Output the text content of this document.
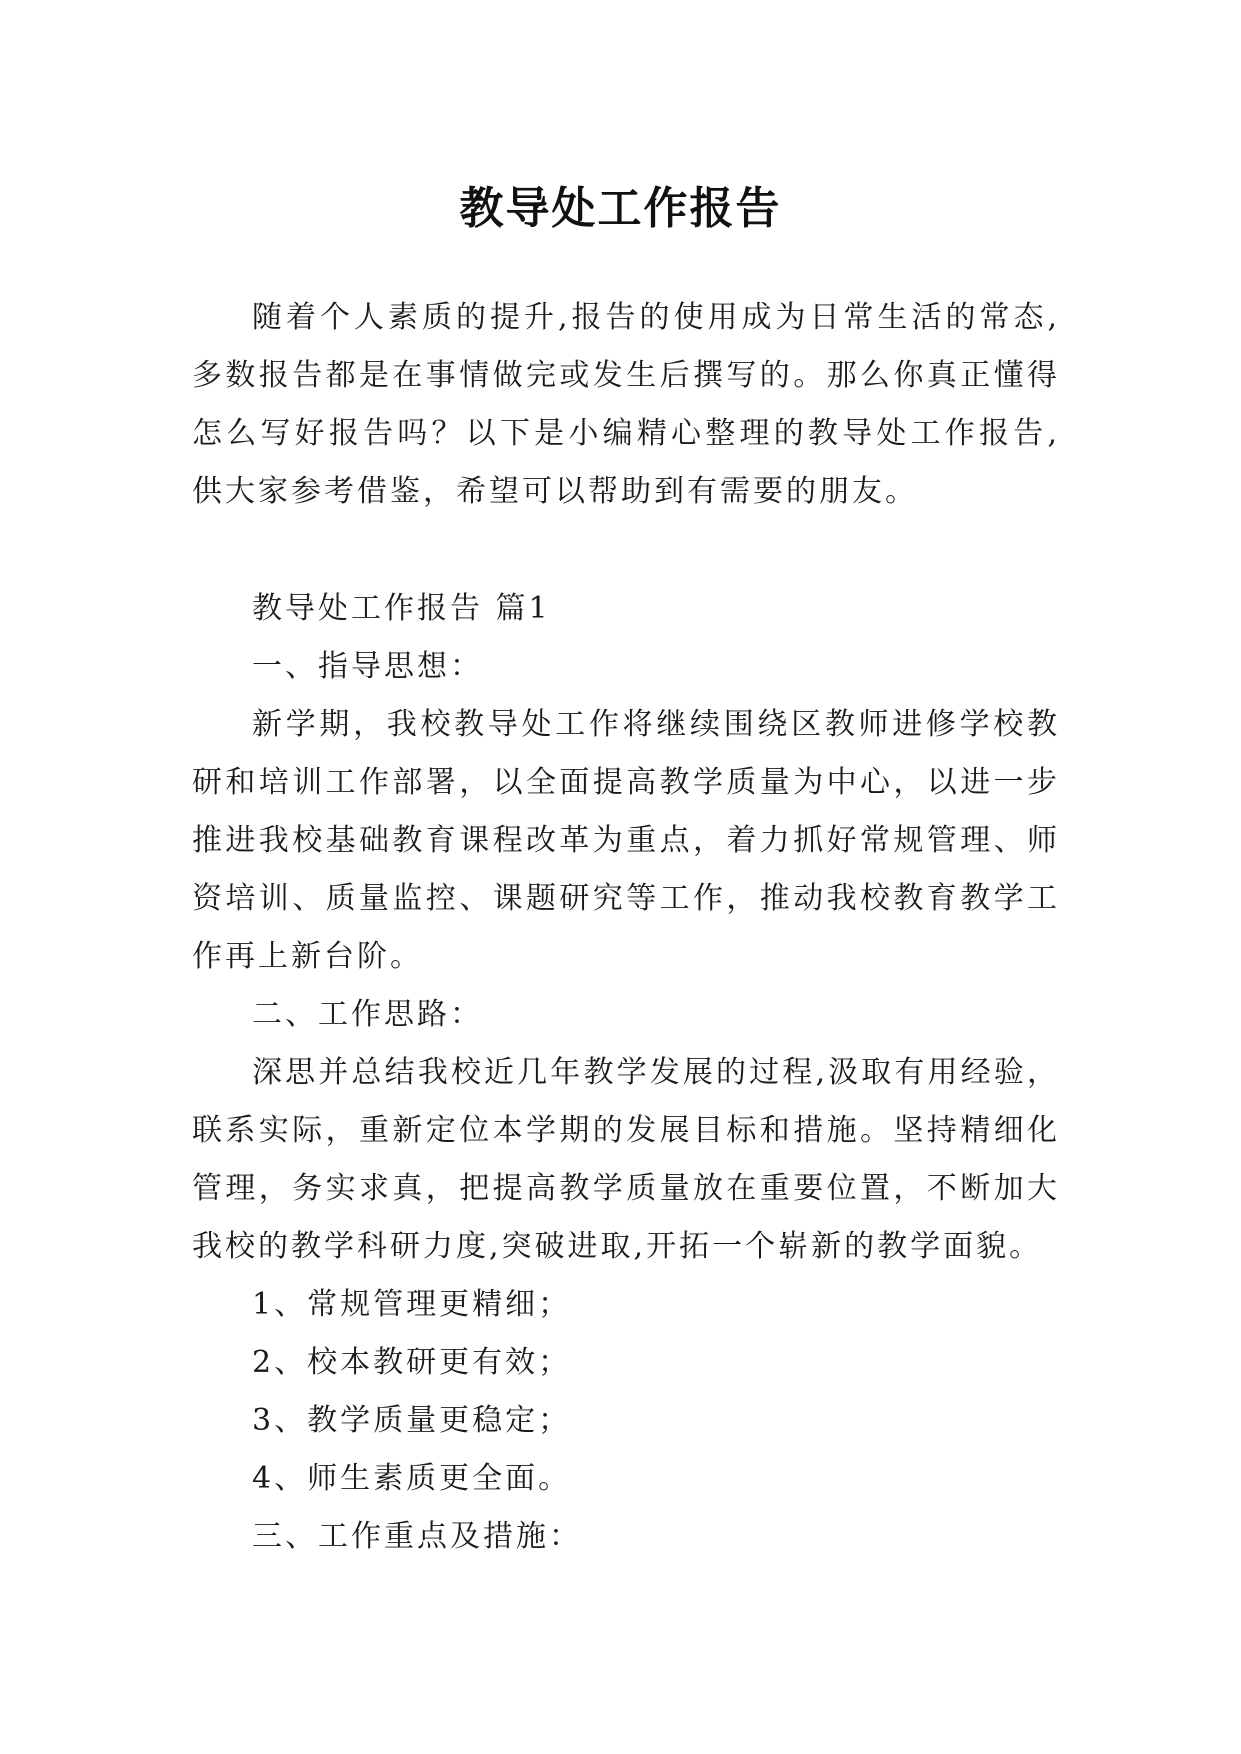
教导处工作报告

随着个人素质的提升,报告的使用成为日常生活的常态,多数报告都是在事情做完或发生后撰写的。那么你真正懂得怎么写好报告吗？以下是小编精心整理的教导处工作报告,供大家参考借鉴，希望可以帮助到有需要的朋友。

教导处工作报告 篇1

一、指导思想：

新学期，我校教导处工作将继续围绕区教师进修学校教研和培训工作部署，以全面提高教学质量为中心，以进一步推进我校基础教育课程改革为重点，着力抓好常规管理、师资培训、质量监控、课题研究等工作，推动我校教育教学工作再上新台阶。

二、工作思路：

深思并总结我校近几年教学发展的过程,汲取有用经验，联系实际，重新定位本学期的发展目标和措施。坚持精细化管理，务实求真，把提高教学质量放在重要位置，不断加大我校的教学科研力度,突破进取,开拓一个崭新的教学面貌。

1、常规管理更精细；

2、校本教研更有效；

3、教学质量更稳定；

4、师生素质更全面。

三、工作重点及措施：
